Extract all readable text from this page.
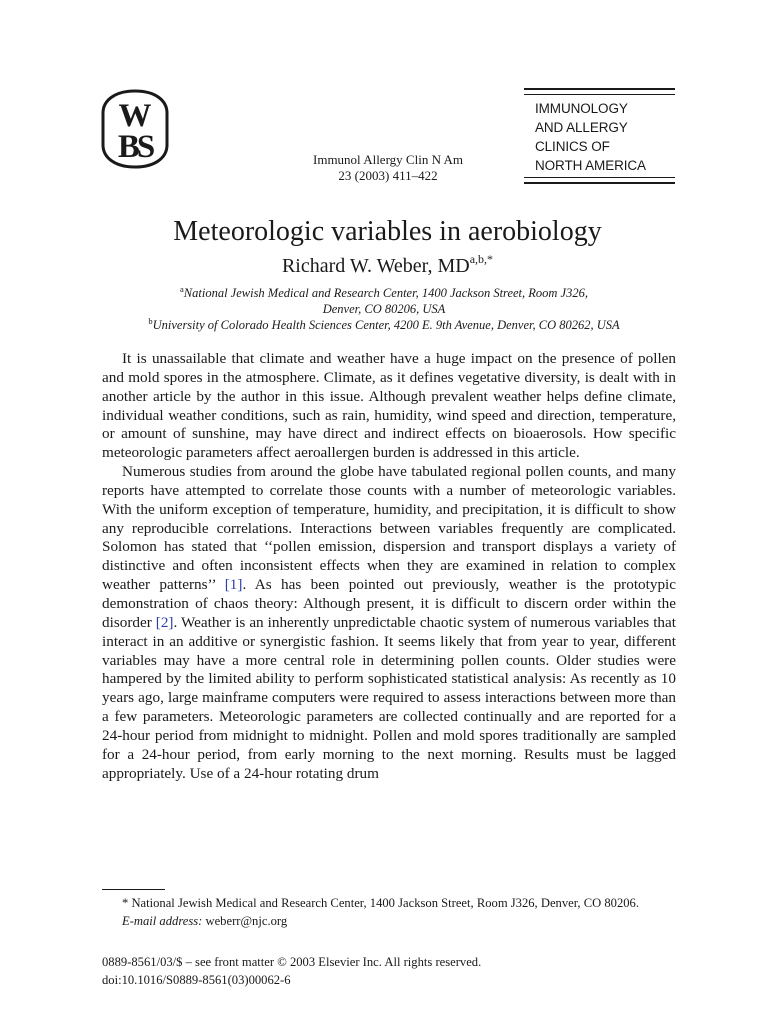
W
BS	Immunol Allergy Clin N Am
23 (2003) 411–422
IMMUNOLOGY
AND ALLERGY
CLINICS OF
NORTH AMERICA
Meteorologic variables in aerobiology
Richard W. Weber, $MD^{a,b,*}$
$^a$National Jewish Medical and Research Center, 1400 Jackson Street, Room J326,
Denver, CO 80206, USA
$^b$University of Colorado Health Sciences Center, 4200 E. 9th Avenue, Denver, CO 80262, USA

It is unassailable that climate and weather have a huge impact on the presence of pollen and mold spores in the atmosphere. Climate, as it defines vegetative diversity, is dealt with in another article by the author in this issue. Although prevalent weather helps define climate, individual weather conditions, such as rain, humidity, wind speed and direction, temperature, or amount of sunshine, may have direct and indirect effects on bioaerosols. How specific meteorologic parameters affect aeroallergen burden is addressed in this article.

Numerous studies from around the globe have tabulated regional pollen counts, and many reports have attempted to correlate those counts with a number of meteorologic variables. With the uniform exception of temperature, humidity, and precipitation, it is difficult to show any reproducible correlations. Interactions between variables frequently are complicated. Solomon has stated that ‘‘pollen emission, dispersion and transport displays a variety of distinctive and often inconsistent effects when they are examined in relation to complex weather patterns’’ [1]. As has been pointed out previously, weather is the prototypic demonstration of chaos theory: Although present, it is difficult to discern order within the disorder [2]. Weather is an inherently unpredictable chaotic system of numerous variables that interact in an additive or synergistic fashion. It seems likely that from year to year, different variables may have a more central role in determining pollen counts. Older studies were hampered by the limited ability to perform sophisticated statistical analysis: As recently as 10 years ago, large mainframe computers were required to assess interactions between more than a few parameters. Meteorologic parameters are collected continually and are reported for a 24-hour period from midnight to midnight. Pollen and mold spores traditionally are sampled for a 24-hour period, from early morning to the next morning. Results must be lagged appropriately. Use of a 24-hour rotating drum

* National Jewish Medical and Research Center, 1400 Jackson Street, Room J326, Denver, CO 80206.

E-mail address: weberr@njc.org

0889-8561/03/$ – see front matter © 2003 Elsevier Inc. All rights reserved.
doi:10.1016/S0889-8561(03)00062-6
